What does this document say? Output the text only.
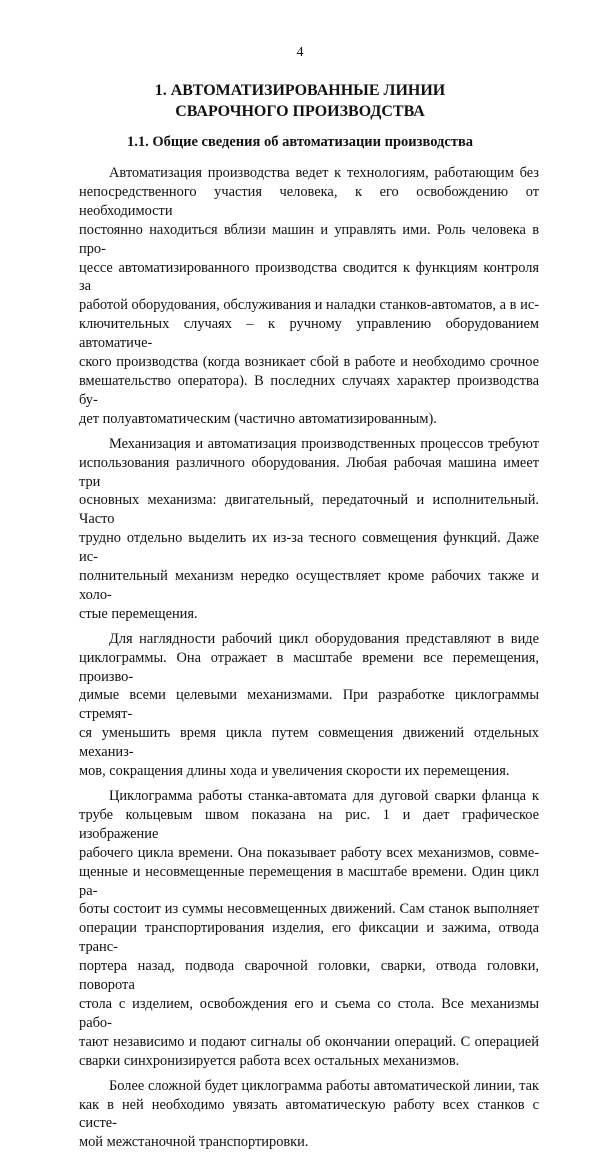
4
1. АВТОМАТИЗИРОВАННЫЕ ЛИНИИ
СВАРОЧНОГО ПРОИЗВОДСТВА
1.1. Общие сведения об автоматизации производства

Автоматизация производства ведет к технологиям, работающим без
непосредственного участия человека, к его освобождению от необходимости
постоянно находиться вблизи машин и управлять ими. Роль человека в про-
цессе автоматизированного производства сводится к функциям контроля за
работой оборудования, обслуживания и наладки станков-автоматов, а в ис-
ключительных случаях – к ручному управлению оборудованием автоматиче-
ского производства (когда возникает сбой в работе и необходимо срочное
вмешательство оператора). В последних случаях характер производства бу-
дет полуавтоматическим (частично автоматизированным).

Механизация и автоматизация производственных процессов требуют
использования различного оборудования. Любая рабочая машина имеет три
основных механизма: двигательный, передаточный и исполнительный. Часто
трудно отдельно выделить их из-за тесного совмещения функций. Даже ис-
полнительный механизм нередко осуществляет кроме рабочих также и холо-
стые перемещения.

Для наглядности рабочий цикл оборудования представляют в виде
циклограммы. Она отражает в масштабе времени все перемещения, произво-
димые всеми целевыми механизмами. При разработке циклограммы стремят-
ся уменьшить время цикла путем совмещения движений отдельных механиз-
мов, сокращения длины хода и увеличения скорости их перемещения.

Циклограмма работы станка-автомата для дуговой сварки фланца к
трубе кольцевым швом показана на рис. 1 и дает графическое изображение
рабочего цикла времени. Она показывает работу всех механизмов, совме-
щенные и несовмещенные перемещения в масштабе времени. Один цикл ра-
боты состоит из суммы несовмещенных движений. Сам станок выполняет
операции транспортирования изделия, его фиксации и зажима, отвода транс-
портера назад, подвода сварочной головки, сварки, отвода головки, поворота
стола с изделием, освобождения его и съема со стола. Все механизмы рабо-
тают независимо и подают сигналы об окончании операций. С операцией
сварки синхронизируется работа всех остальных механизмов.

Более сложной будет циклограмма работы автоматической линии, так
как в ней необходимо увязать автоматическую работу всех станков с систе-
мой межстаночной транспортировки.
